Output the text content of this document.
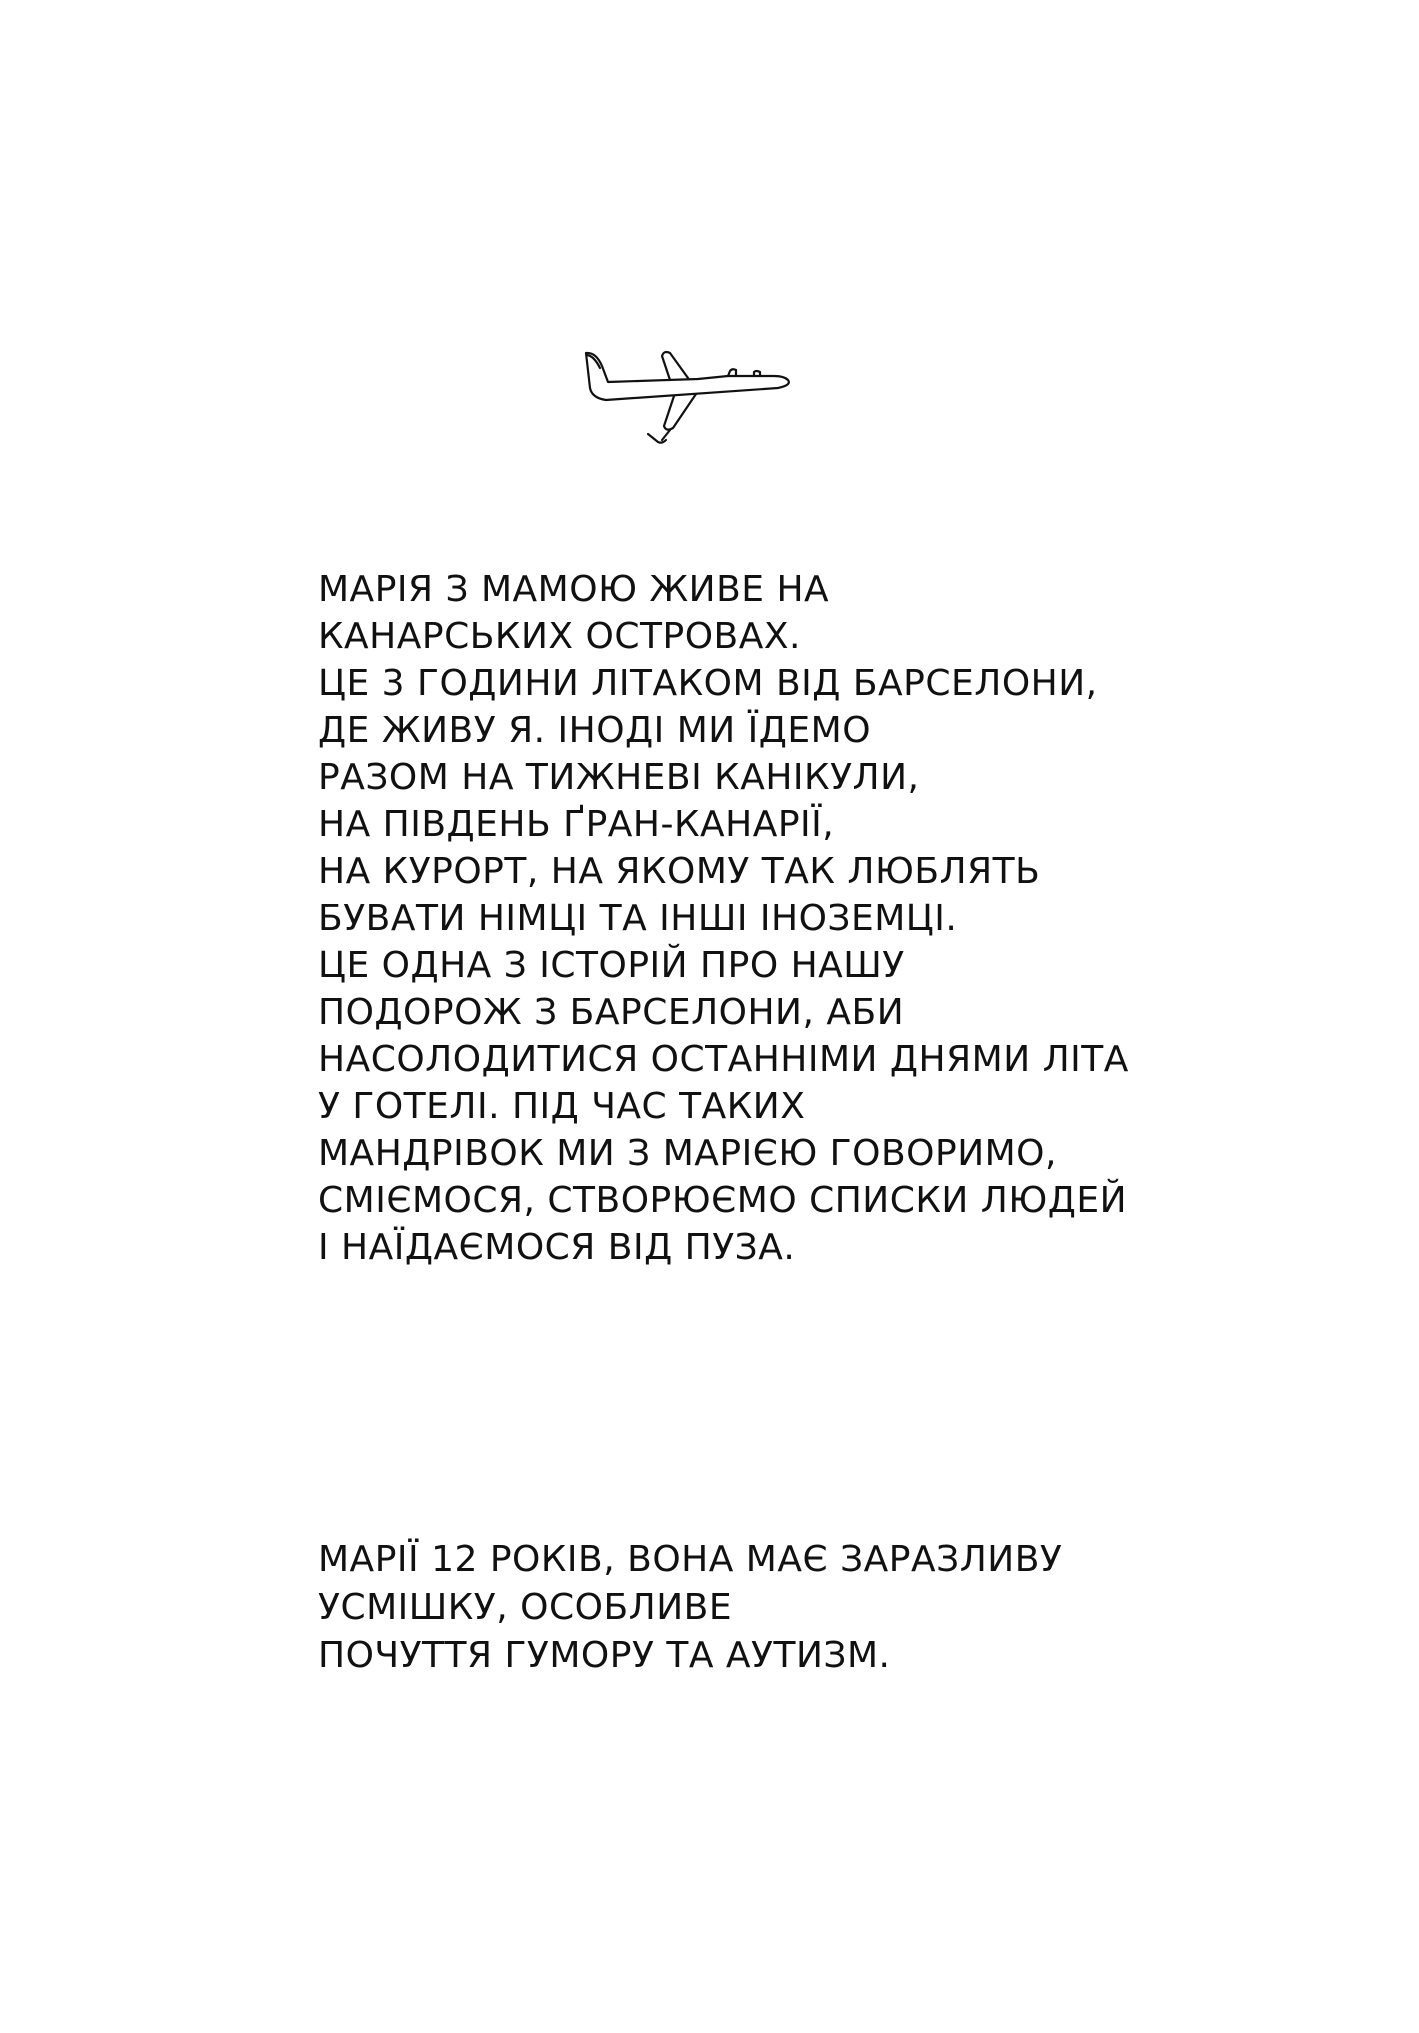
МАРІЯ З МАМОЮ ЖИВЕ НА

КАНАРСЬКИХ ОСТРОВАХ.

ЦЕ 3 ГОДИНИ ЛІТАКОМ ВІД БАРСЕЛОНИ,

ДЕ ЖИВУ Я. ІНОДІ МИ ЇДЕМО

РАЗОМ НА ТИЖНЕВІ КАНІКУЛИ,

НА ПІВДЕНЬ ҐРАН-КАНАРІЇ,

НА КУРОРТ, НА ЯКОМУ ТАК ЛЮБЛЯТЬ

БУВАТИ НІМЦІ ТА ІНШІ ІНОЗЕМЦІ.

ЦЕ ОДНА З ІСТОРІЙ ПРО НАШУ

ПОДОРОЖ З БАРСЕЛОНИ, АБИ

НАСОЛОДИТИСЯ ОСТАННІМИ ДНЯМИ ЛІТА

У ГОТЕЛІ. ПІД ЧАС ТАКИХ

МАНДРІВОК МИ З МАРІЄЮ ГОВОРИМО,

СМІЄМОСЯ, СТВОРЮЄМО СПИСКИ ЛЮДЕЙ

І НАЇДАЄМОСЯ ВІД ПУЗА.

МАРІЇ 12 РОКІВ, ВОНА МАЄ ЗАРАЗЛИВУ

УСМІШКУ, ОСОБЛИВЕ

ПОЧУТТЯ ГУМОРУ ТА АУТИЗМ.
